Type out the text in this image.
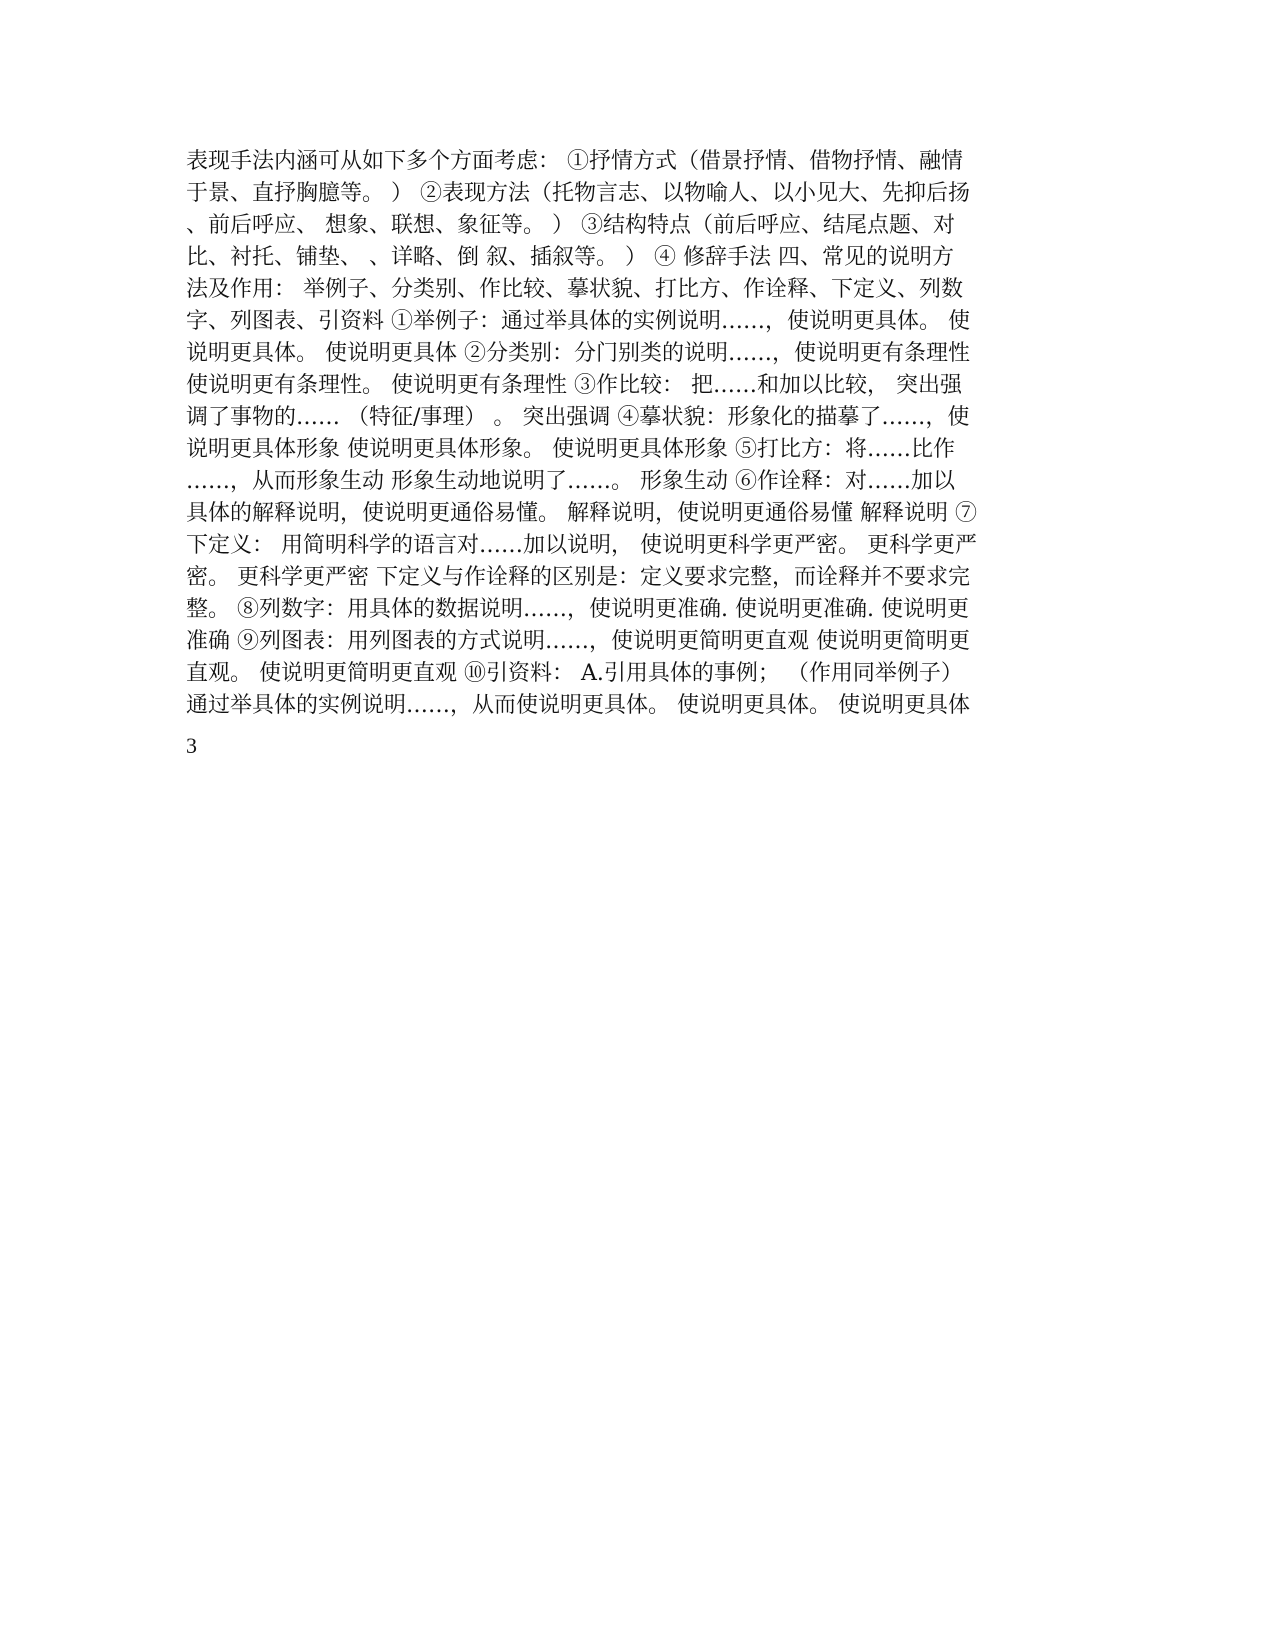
表现手法内涵可从如下多个方面考虑： ①抒情方式（借景抒情、借物抒情、融情

于景、直抒胸臆等。 ） ②表现方法（托物言志、以物喻人、以小见大、先抑后扬

、前后呼应、 想象、联想、象征等。 ） ③结构特点（前后呼应、结尾点题、对

比、衬托、铺垫、 、详略、倒 叙、插叙等。 ） ④ 修辞手法 四、常见的说明方

法及作用： 举例子、分类别、作比较、摹状貌、打比方、作诠释、下定义、列数

字、列图表、引资料 ①举例子：通过举具体的实例说明……，使说明更具体。 使

说明更具体。 使说明更具体 ②分类别：分门别类的说明……，使说明更有条理性

使说明更有条理性。 使说明更有条理性 ③作比较： 把……和加以比较， 突出强

调了事物的…… （特征/事理） 。 突出强调 ④摹状貌：形象化的描摹了……，使

说明更具体形象 使说明更具体形象。 使说明更具体形象 ⑤打比方：将……比作

……，从而形象生动 形象生动地说明了……。 形象生动 ⑥作诠释：对……加以

具体的解释说明，使说明更通俗易懂。 解释说明，使说明更通俗易懂 解释说明 ⑦

下定义： 用简明科学的语言对……加以说明， 使说明更科学更严密。 更科学更严

密。 更科学更严密 下定义与作诠释的区别是：定义要求完整，而诠释并不要求完

整。 ⑧列数字：用具体的数据说明……，使说明更准确. 使说明更准确. 使说明更

准确 ⑨列图表：用列图表的方式说明……，使说明更简明更直观 使说明更简明更

直观。 使说明更简明更直观 ⑩引资料： A.引用具体的事例； （作用同举例子）

通过举具体的实例说明……，从而使说明更具体。 使说明更具体。 使说明更具体

3
